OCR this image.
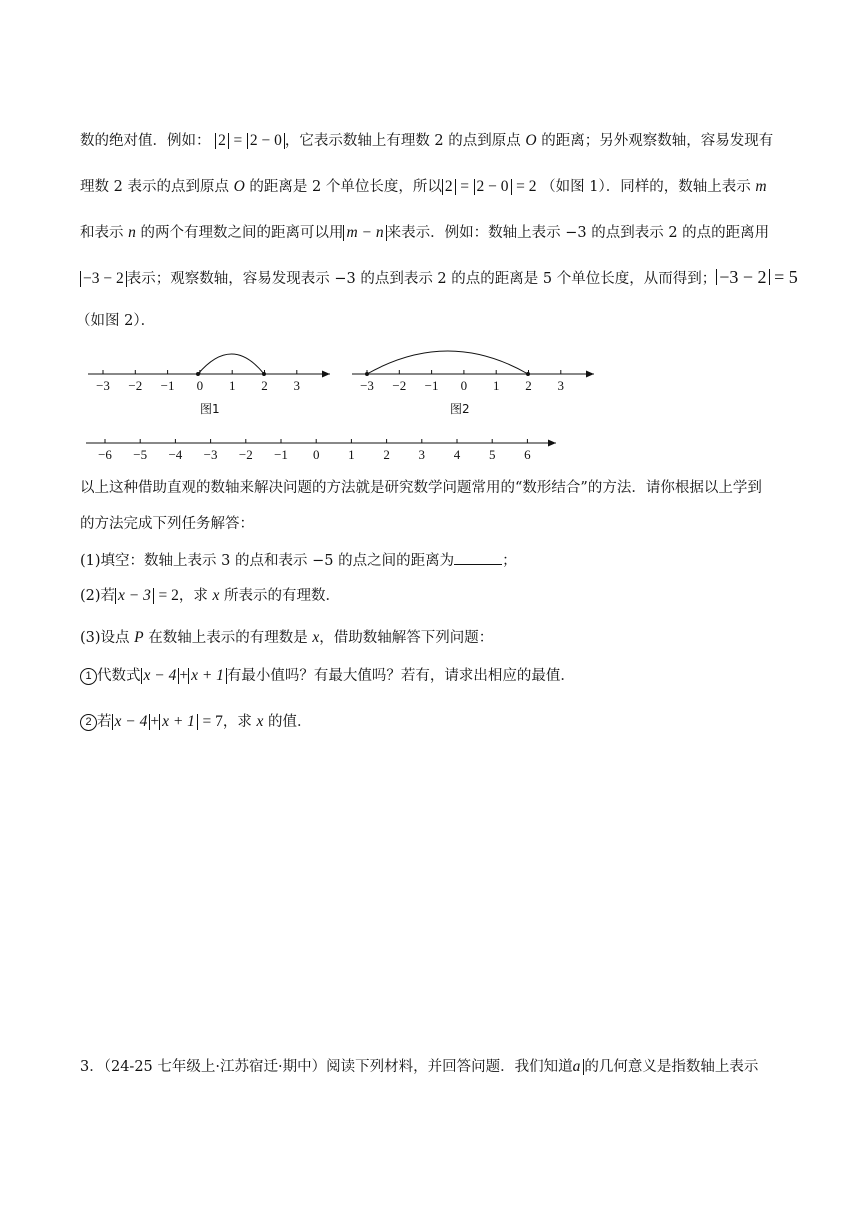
数的绝对值．例如： 2 = 2 − 0 ，它表示数轴上有理数 2 的点到原点 O 的距离；另外观察数轴，容易发现有
理数 2 表示的点到原点 O 的距离是 2 个单位长度，所以 2 = 2 − 0 = 2 （如图 1）．同样的，数轴上表示 m
和表示 n 的两个有理数之间的距离可以用 m − n 来表示．例如：数轴上表示 −3 的点到表示 2 的点的距离用
−3 − 2 表示；观察数轴，容易发现表示 −3 的点到表示 2 的点的距离是 5 个单位长度，从而得到； −3 − 2 = 5
（如图 2）．
−3 −2 −1 0 1 2 3
图1
−3 −2 −1 0 1 2 3
图2
−6 −5 −4 −3 −2 −1 0 1 2 3 4 5 6
以上这种借助直观的数轴来解决问题的方法就是研究数学问题常用的“数形结合”的方法．请你根据以上学到
的方法完成下列任务解答：
(1)填空：数轴上表示 3 的点和表示 −5 的点之间的距离为	；
(2)若 x − 3 = 2，求 x 所表示的有理数．
(3)设点 P 在数轴上表示的有理数是 x，借助数轴解答下列问题：
1 代数式 x − 4 + x + 1 有最小值吗？有最大值吗？若有，请求出相应的最值．
2 若 x − 4 + x + 1 = 7，求 x 的值．
3．（24-25 七年级上·江苏宿迁·期中）阅读下列材料，并回答问题．我们知道a 的几何意义是指数轴上表示
